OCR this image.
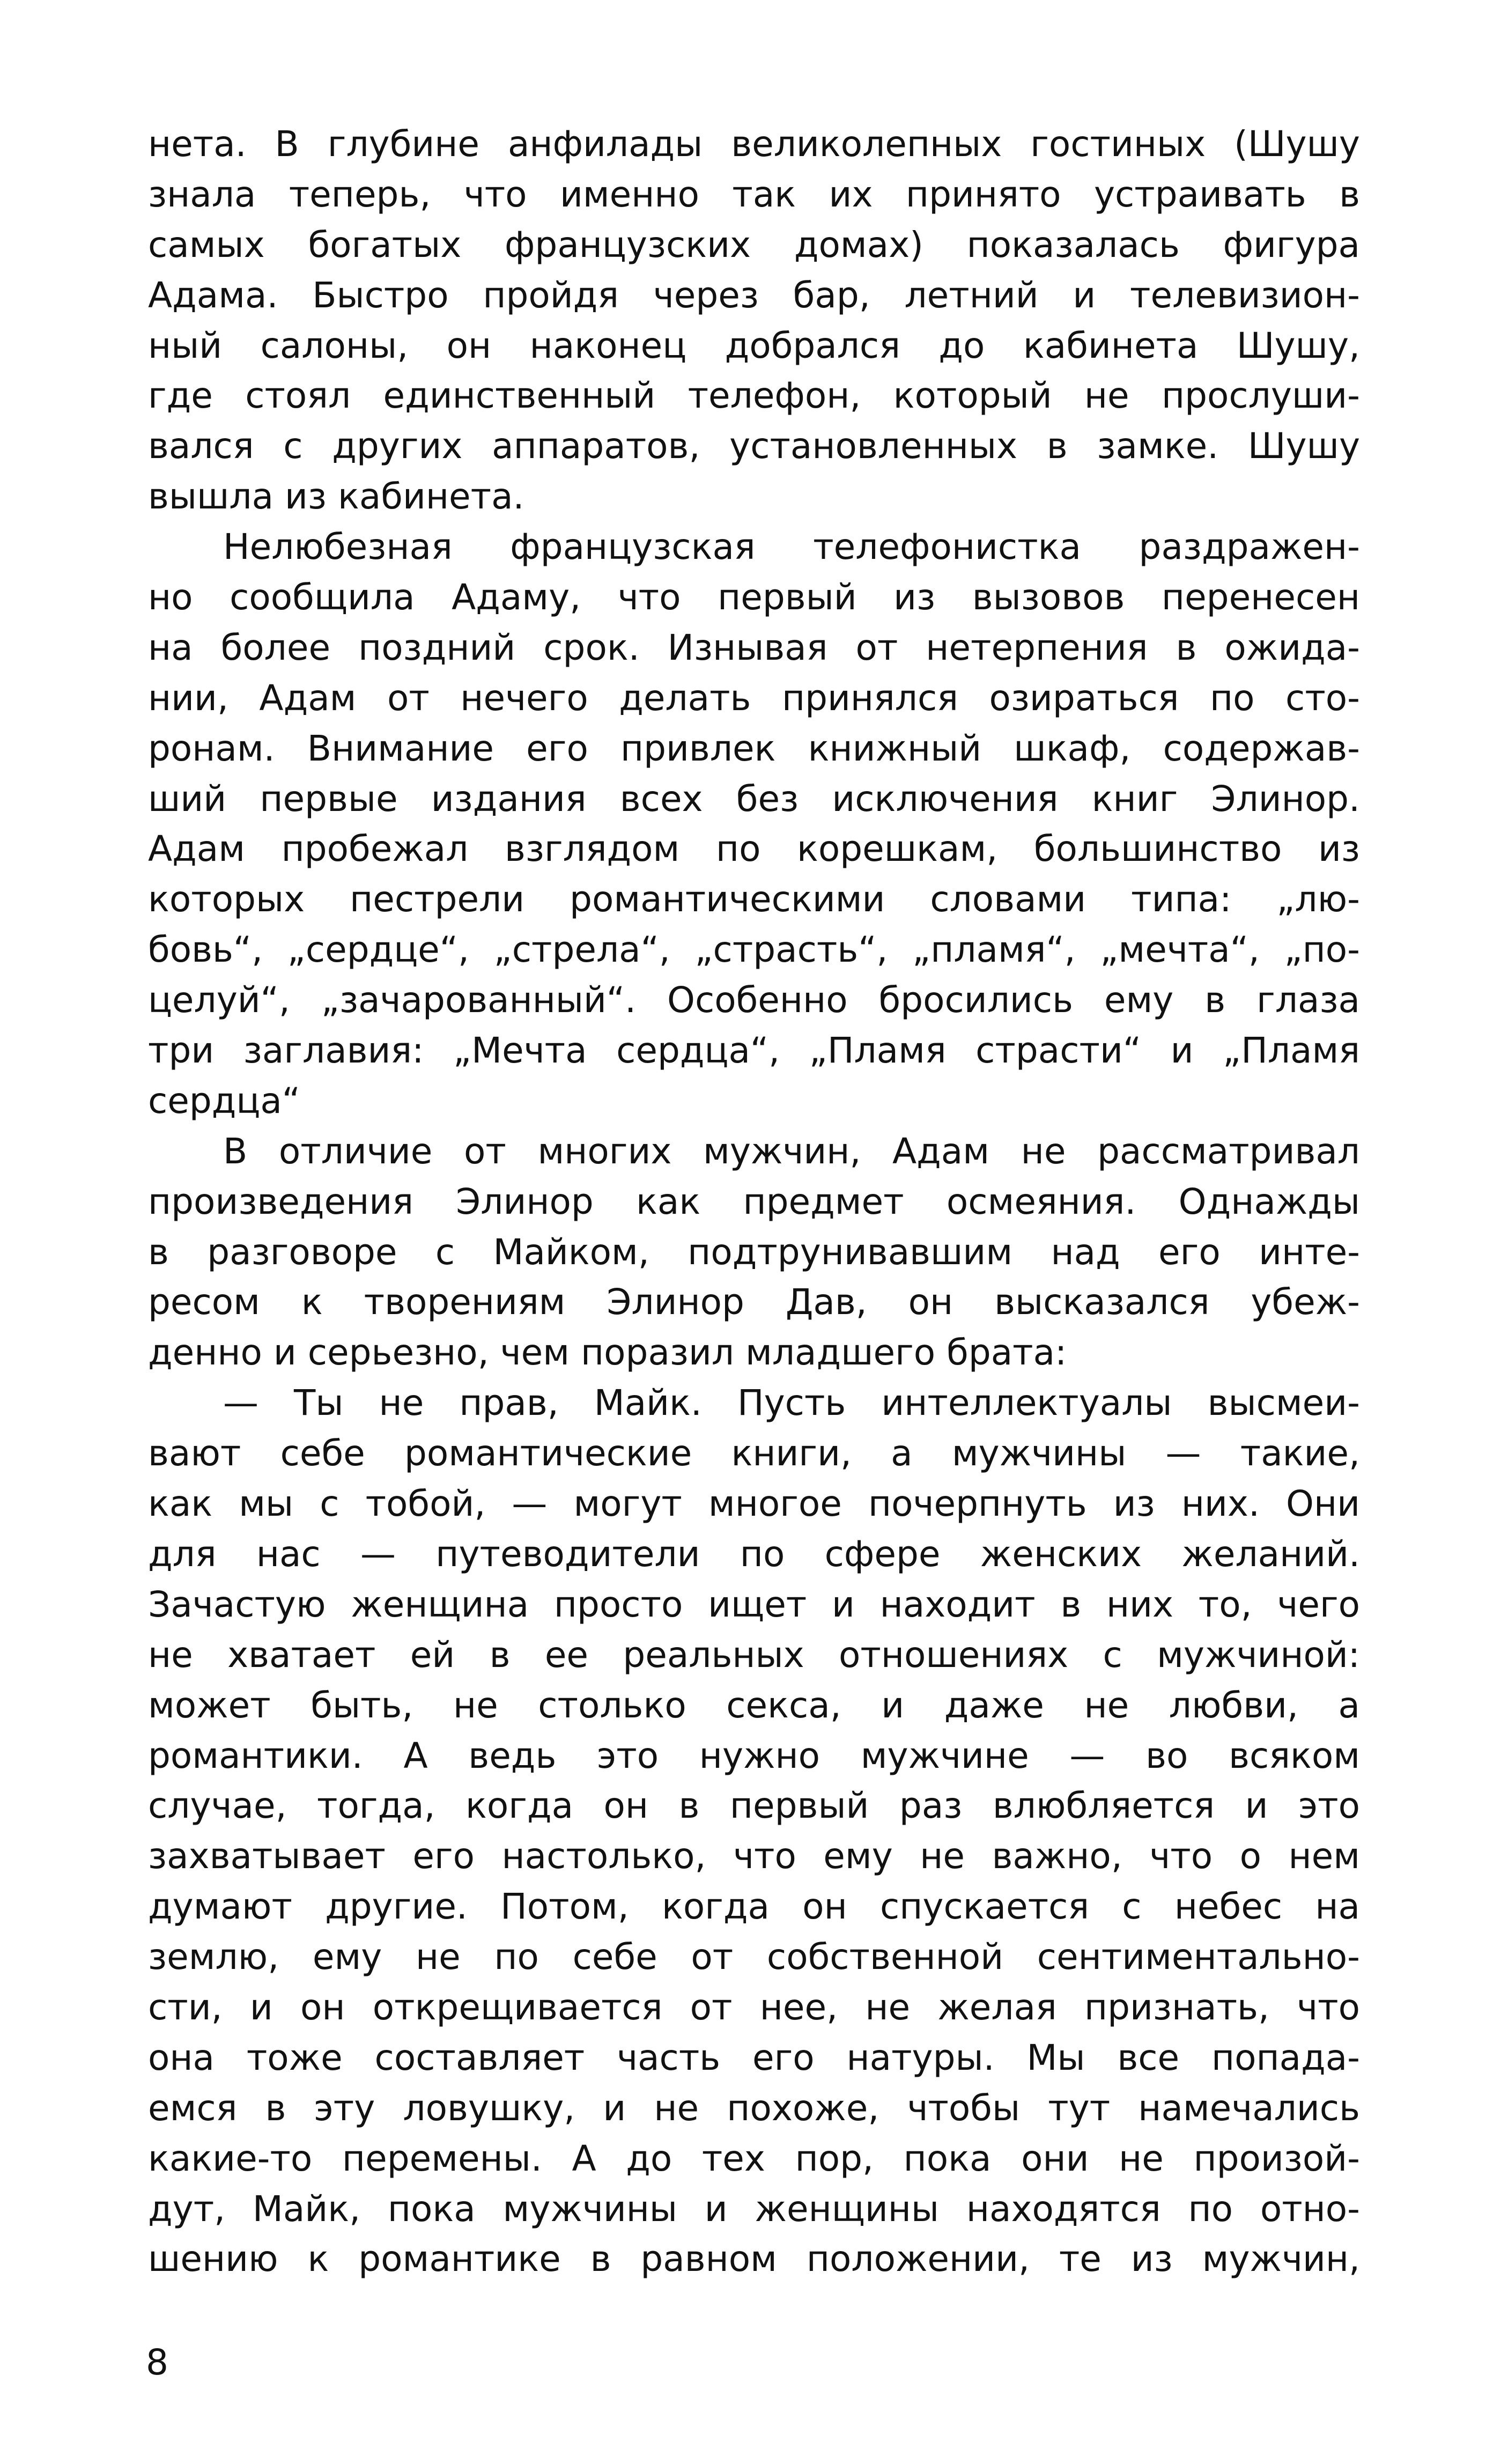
нета. В глубине анфилады великолепных гостиных (Шушу
знала теперь, что именно так их принято устраивать в
самых богатых французских домах) показалась фигура
Адама. Быстро пройдя через бар, летний и телевизион-
ный салоны, он наконец добрался до кабинета Шушу,
где стоял единственный телефон, который не прослуши-
вался с других аппаратов, установленных в замке. Шушу
вышла из кабинета.
Нелюбезная французская телефонистка раздражен-
но сообщила Адаму, что первый из вызовов перенесен
на более поздний срок. Изнывая от нетерпения в ожида-
нии, Адам от нечего делать принялся озираться по сто-
ронам. Внимание его привлек книжный шкаф, содержав-
ший первые издания всех без исключения книг Элинор.
Адам пробежал взглядом по корешкам, большинство из
которых пестрели романтическими словами типа: „лю-
бовь“, „сердце“, „стрела“, „страсть“, „пламя“, „мечта“, „по-
целуй“, „зачарованный“. Особенно бросились ему в глаза
три заглавия: „Мечта сердца“, „Пламя страсти“ и „Пламя
сердца“
В отличие от многих мужчин, Адам не рассматривал
произведения Элинор как предмет осмеяния. Однажды
в разговоре с Майком, подтрунивавшим над его инте-
ресом к творениям Элинор Дав, он высказался убеж-
денно и серьезно, чем поразил младшего брата:
— Ты не прав, Майк. Пусть интеллектуалы высмеи-
вают себе романтические книги, а мужчины — такие,
как мы с тобой, — могут многое почерпнуть из них. Они
для нас — путеводители по сфере женских желаний.
Зачастую женщина просто ищет и находит в них то, чего
не хватает ей в ее реальных отношениях с мужчиной:
может быть, не столько секса, и даже не любви, а
романтики. А ведь это нужно мужчине — во всяком
случае, тогда, когда он в первый раз влюбляется и это
захватывает его настолько, что ему не важно, что о нем
думают другие. Потом, когда он спускается с небес на
землю, ему не по себе от собственной сентиментально-
сти, и он открещивается от нее, не желая признать, что
она тоже составляет часть его натуры. Мы все попада-
емся в эту ловушку, и не похоже, чтобы тут намечались
какие-то перемены. А до тех пор, пока они не произой-
дут, Майк, пока мужчины и женщины находятся по отно-
шению к романтике в равном положении, те из мужчин,
8
